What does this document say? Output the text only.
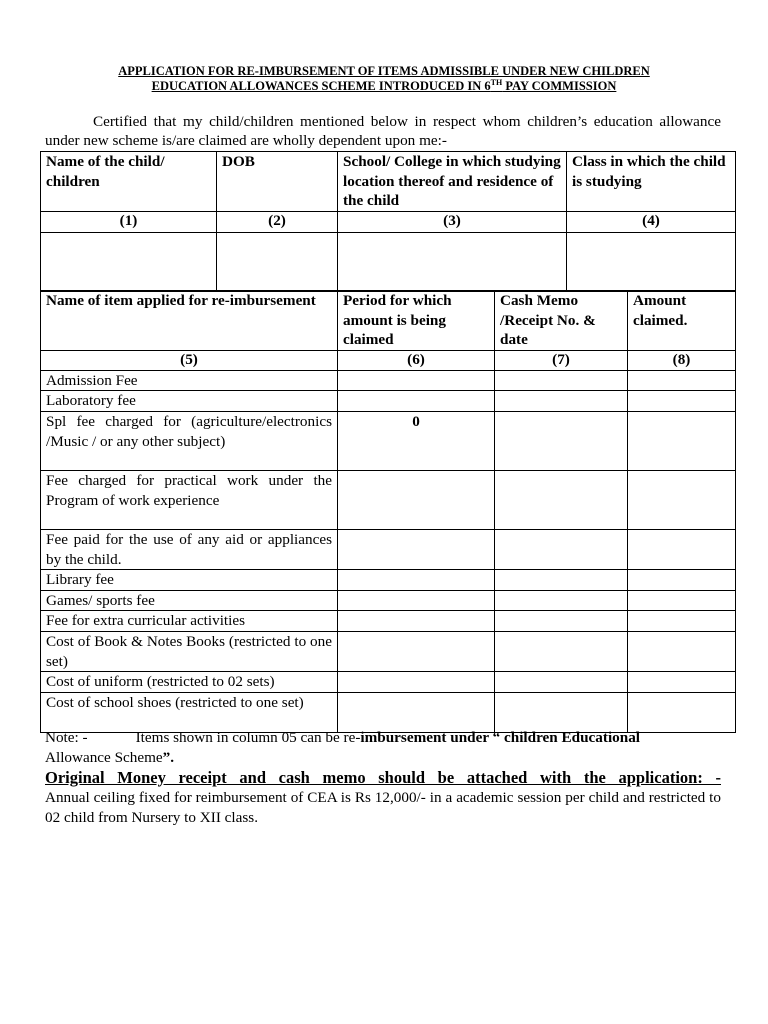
APPLICATION FOR RE-IMBURSEMENT OF ITEMS ADMISSIBLE UNDER NEW CHILDREN
EDUCATION ALLOWANCES SCHEME INTRODUCED IN 6TH PAY COMMISSION
Certified that my child/children mentioned below in respect whom children’s education allowance under new scheme is/are claimed are wholly dependent upon me:-
Name of the child/ children	DOB	School/ College in which studying location thereof and residence of the child	Class in which the child is studying
(1)	(2)	(3)	(4)

Name of item applied for re-imbursement	Period for which amount is being claimed	Cash Memo /Receipt No. & date	Amount claimed.
(5)	(6)	(7)	(8)
Admission Fee			
Laboratory fee			
Spl fee charged for (agriculture/electronics /Music / or any other subject)	0		

Fee charged for practical work under the
Program of work experience			

Fee paid for the use of any aid or appliances by the child.			
Library fee			
Games/ sports fee			
Fee for extra curricular activities			
Cost of Book & Notes Books (restricted to one set)			
Cost of uniform (restricted to 02 sets)			
Cost of school shoes (restricted to one set)			
Note: -	Items shown in column 05 can be re-imbursement under “ children Educational
Allowance Scheme”.
Original Money receipt and cash memo should be attached with the application: -
Annual ceiling fixed for reimbursement of CEA is Rs 12,000/- in a academic session per child and restricted to 02 child from Nursery to XII class.
